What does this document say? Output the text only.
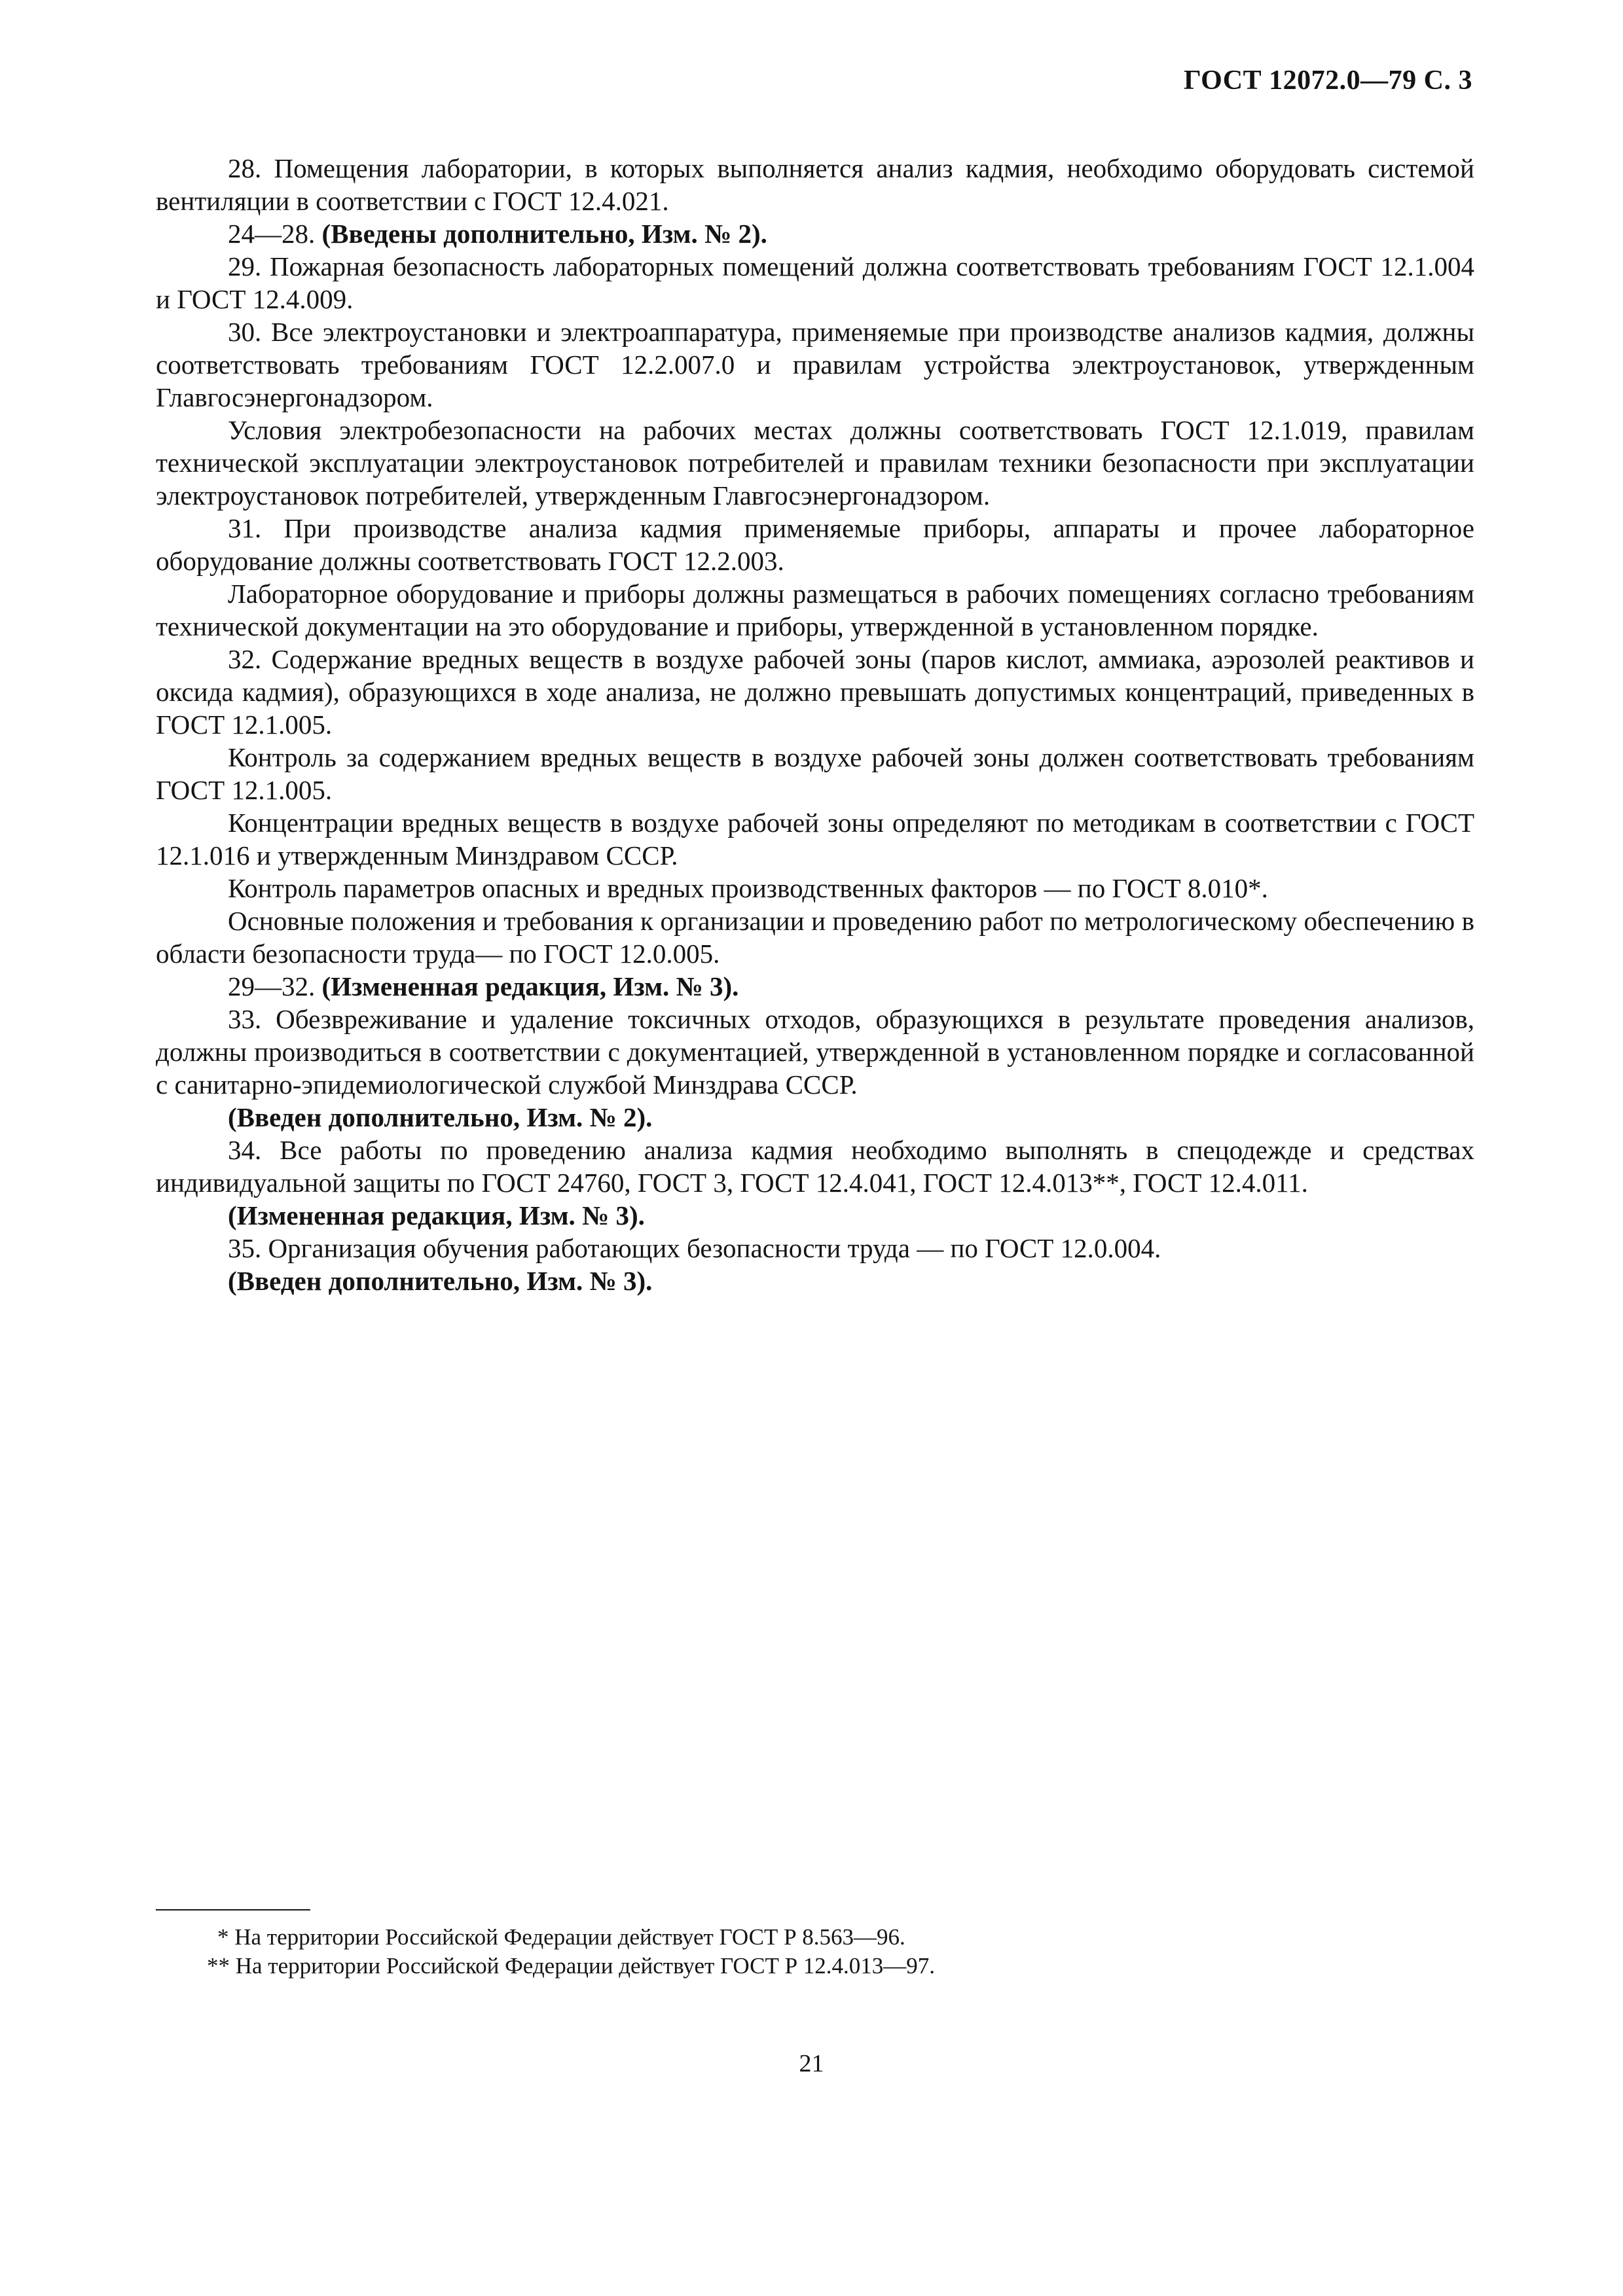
ГОСТ 12072.0—79 С. 3

28. Помещения лаборатории, в которых выполняется анализ кадмия, необходимо оборудовать системой вентиляции в соответствии с ГОСТ 12.4.021.

24—28. (Введены дополнительно, Изм. № 2).

29. Пожарная безопасность лабораторных помещений должна соответствовать требованиям ГОСТ 12.1.004 и ГОСТ 12.4.009.

30. Все электроустановки и электроаппаратура, применяемые при производстве анализов кадмия, должны соответствовать требованиям ГОСТ 12.2.007.0 и правилам устройства электроустановок, утвержденным Главгосэнергонадзором.

Условия электробезопасности на рабочих местах должны соответствовать ГОСТ 12.1.019, правилам технической эксплуатации электроустановок потребителей и правилам техники безопасности при эксплуатации электроустановок потребителей, утвержденным Главгосэнергонадзором.

31. При производстве анализа кадмия применяемые приборы, аппараты и прочее лабораторное оборудование должны соответствовать ГОСТ 12.2.003.

Лабораторное оборудование и приборы должны размещаться в рабочих помещениях согласно требованиям технической документации на это оборудование и приборы, утвержденной в установленном порядке.

32. Содержание вредных веществ в воздухе рабочей зоны (паров кислот, аммиака, аэрозолей реактивов и оксида кадмия), образующихся в ходе анализа, не должно превышать допустимых концентраций, приведенных в ГОСТ 12.1.005.

Контроль за содержанием вредных веществ в воздухе рабочей зоны должен соответствовать требованиям ГОСТ 12.1.005.

Концентрации вредных веществ в воздухе рабочей зоны определяют по методикам в соответствии с ГОСТ 12.1.016 и утвержденным Минздравом СССР.

Контроль параметров опасных и вредных производственных факторов — по ГОСТ 8.010*.

Основные положения и требования к организации и проведению работ по метрологическому обеспечению в области безопасности труда— по ГОСТ 12.0.005.

29—32. (Измененная редакция, Изм. № 3).

33. Обезвреживание и удаление токсичных отходов, образующихся в результате проведения анализов, должны производиться в соответствии с документацией, утвержденной в установленном порядке и согласованной с санитарно-эпидемиологической службой Минздрава СССР.

(Введен дополнительно, Изм. № 2).

34. Все работы по проведению анализа кадмия необходимо выполнять в спецодежде и средствах индивидуальной защиты по ГОСТ 24760, ГОСТ 3, ГОСТ 12.4.041, ГОСТ 12.4.013**, ГОСТ 12.4.011.

(Измененная редакция, Изм. № 3).

35. Организация обучения работающих безопасности труда — по ГОСТ 12.0.004.

(Введен дополнительно, Изм. № 3).

* На территории Российской Федерации действует ГОСТ Р 8.563—96.

** На территории Российской Федерации действует ГОСТ Р 12.4.013—97.

21
